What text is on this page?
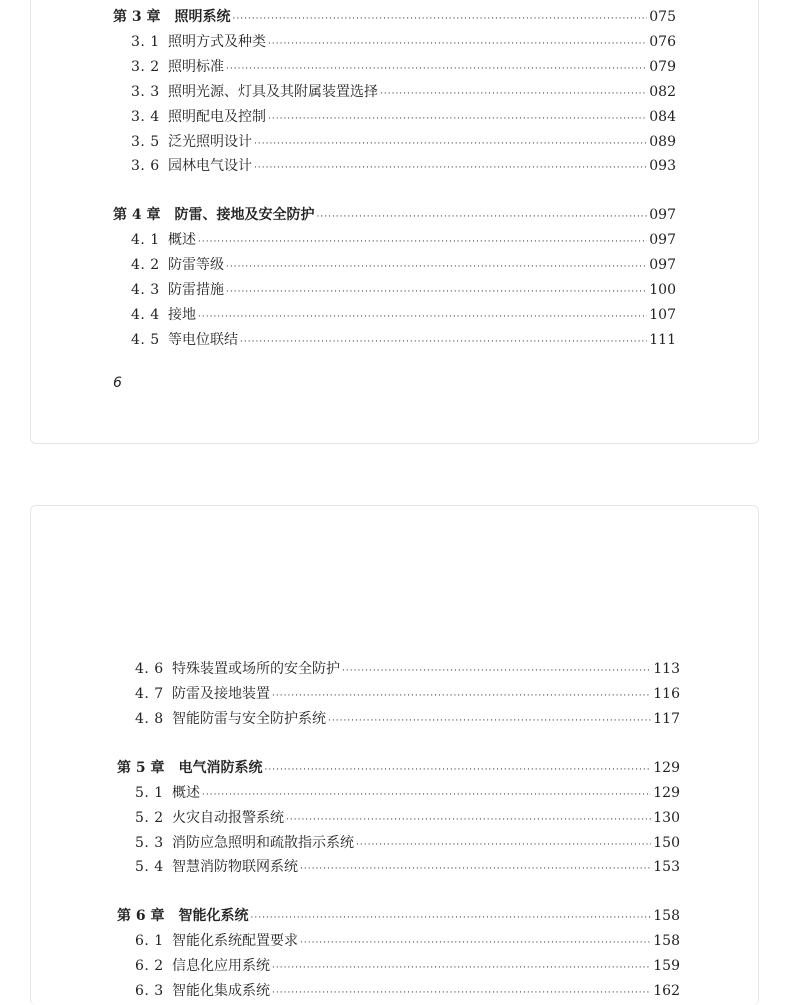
第 3 章 照明系统 ·····	075
3. 1 照明方式及种类 ·····	076
3. 2 照明标准 ·····	079
3. 3 照明光源、灯具及其附属装置选择 ·····	082
3. 4 照明配电及控制 ·····	084
3. 5 泛光照明设计 ·····	089
3. 6 园林电气设计 ·····	093
第 4 章 防雷、接地及安全防护 ·····	097
4. 1 概述 ·····	097
4. 2 防雷等级 ·····	097
4. 3 防雷措施 ·····	100
4. 4 接地 ·····	107
4. 5 等电位联结 ·····	111
6
4. 6 特殊装置或场所的安全防护 ·····	113
4. 7 防雷及接地装置 ·····	116
4. 8 智能防雷与安全防护系统 ·····	117
第 5 章 电气消防系统 ·····	129
5. 1 概述 ·····	129
5. 2 火灾自动报警系统 ·····	130
5. 3 消防应急照明和疏散指示系统 ·····	150
5. 4 智慧消防物联网系统 ·····	153
第 6 章 智能化系统 ·····	158
6. 1 智能化系统配置要求 ·····	158
6. 2 信息化应用系统 ·····	159
6. 3 智能化集成系统 ·····	162
